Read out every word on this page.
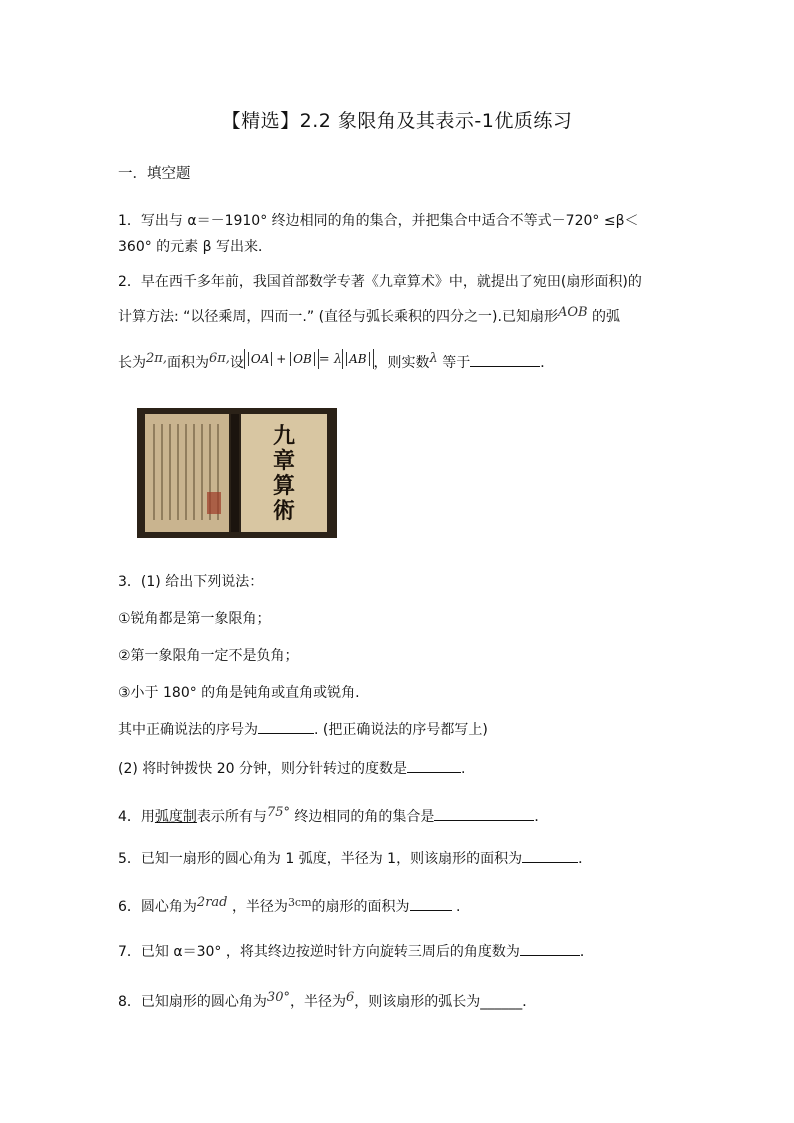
【精选】2.2 象限角及其表示-1优质练习
一．填空题
1．写出与 α＝－1910° 终边相同的角的集合，并把集合中适合不等式－720° ≤β＜
360° 的元素 β 写出来．
2．早在西千多年前，我国首部数学专著《九章算术》中，就提出了宛田(扇形面积)的
计算方法: “以径乘周，四而一.” (直径与弧长乘积的四分之一).已知扇形AOB 的弧
长为2π,面积为6π,设 OA + OB = λ AB ，则实数λ 等于	．
九章算術
3．(1) 给出下列说法：
①锐角都是第一象限角；
②第一象限角一定不是负角；
③小于 180° 的角是钝角或直角或锐角.
其中正确说法的序号为	. (把正确说法的序号都写上)
(2) 将时钟拨快 20 分钟，则分针转过的度数是	.
4．用弧度制表示所有与75° 终边相同的角的集合是	．
5．已知一扇形的圆心角为 1 弧度，半径为 1，则该扇形的面积为	．
6．圆心角为2rad ，半径为$^{3cm}$的扇形的面积为	.
7．已知 α＝30° ，将其终边按逆时针方向旋转三周后的角度数为	．
8．已知扇形的圆心角为30°，半径为6，则该扇形的弧长为______．
